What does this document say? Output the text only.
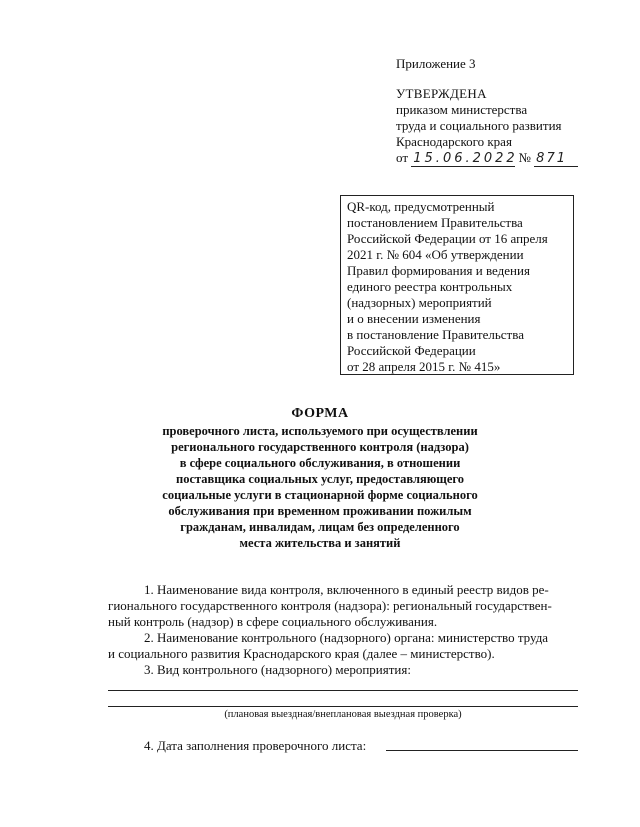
Приложение 3
УТВЕРЖДЕНА
приказом министерства
труда и социального развития
Краснодарского края
от 15.06.2022 № 871
QR-код, предусмотренный
постановлением Правительства
Российской Федерации от 16 апреля
2021 г. № 604 «Об утверждении
Правил формирования и ведения
единого реестра контрольных
(надзорных) мероприятий
и о внесении изменения
в постановление Правительства
Российской Федерации
от 28 апреля 2015 г. № 415»
ФОРМА
проверочного листа, используемого при осуществлении
регионального государственного контроля (надзора)
в сфере социального обслуживания, в отношении
поставщика социальных услуг, предоставляющего
социальные услуги в стационарной форме социального
обслуживания при временном проживании пожилым
гражданам, инвалидам, лицам без определенного
места жительства и занятий
1. Наименование вида контроля, включенного в единый реестр видов ре-
гионального государственного контроля (надзора): региональный государствен-
ный контроль (надзор) в сфере социального обслуживания.
2. Наименование контрольного (надзорного) органа: министерство труда
и социального развития Краснодарского края (далее – министерство).
3. Вид контрольного (надзорного) мероприятия:
(плановая выездная/внеплановая выездная проверка)
4. Дата заполнения проверочного листа:
